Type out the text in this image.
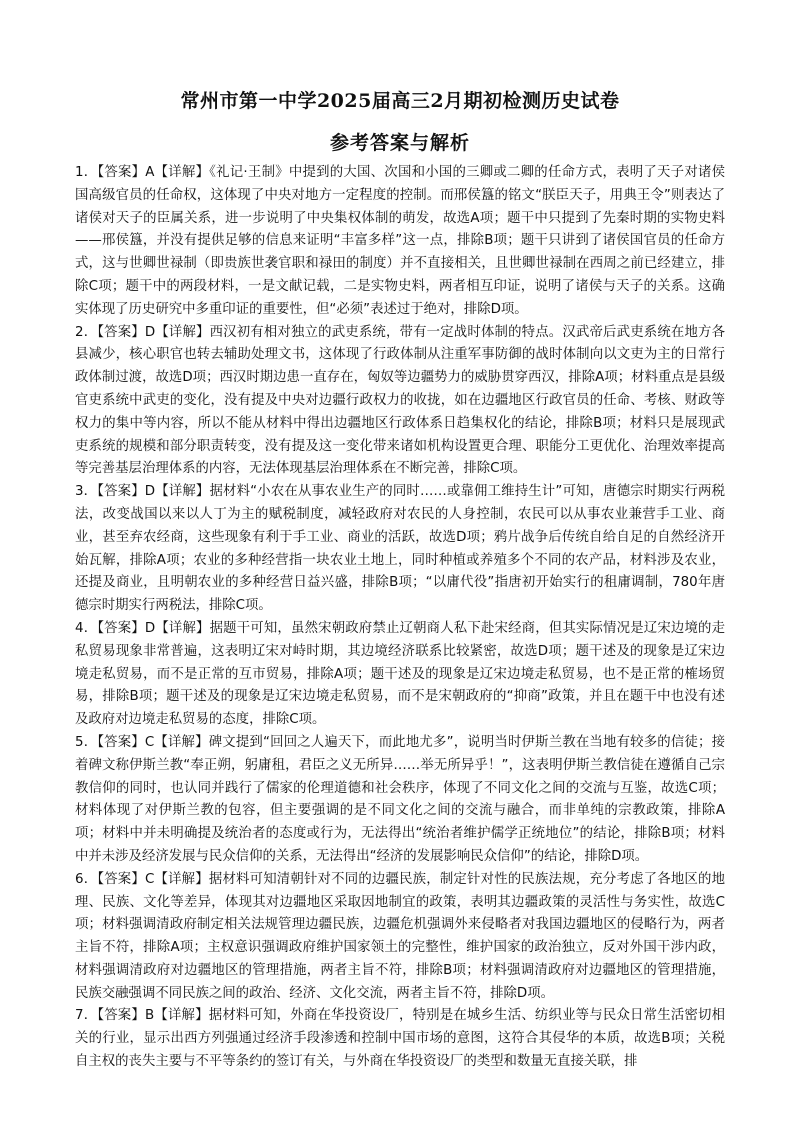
常州市第一中学2025届高三2月期初检测历史试卷
参考答案与解析

1．【答案】A【详解】《礼记·王制》中提到的大国、次国和小国的三卿或二卿的任命方式，表明了天子对诸侯国高级官员的任命权，这体现了中央对地方一定程度的控制。而邢侯簋的铭文“朕臣天子，用典王令”则表达了诸侯对天子的臣属关系，进一步说明了中央集权体制的萌发，故选A项；题干中只提到了先秦时期的实物史料——邢侯簋，并没有提供足够的信息来证明“丰富多样”这一点，排除B项；题干只讲到了诸侯国官员的任命方式，这与世卿世禄制（即贵族世袭官职和禄田的制度）并不直接相关，且世卿世禄制在西周之前已经建立，排除C项；题干中的两段材料，一是文献记载，二是实物史料，两者相互印证，说明了诸侯与天子的关系。这确实体现了历史研究中多重印证的重要性，但“必须”表述过于绝对，排除D项。

2．【答案】D【详解】西汉初有相对独立的武吏系统，带有一定战时体制的特点。汉武帝后武吏系统在地方各县减少，核心职官也转去辅助处理文书，这体现了行政体制从注重军事防御的战时体制向以文吏为主的日常行政体制过渡，故选D项；西汉时期边患一直存在，匈奴等边疆势力的威胁贯穿西汉，排除A项；材料重点是县级官吏系统中武吏的变化，没有提及中央对边疆行政权力的收拢，如在边疆地区行政官员的任命、考核、财政等权力的集中等内容，所以不能从材料中得出边疆地区行政体系日趋集权化的结论，排除B项；材料只是展现武吏系统的规模和部分职责转变，没有提及这一变化带来诸如机构设置更合理、职能分工更优化、治理效率提高等完善基层治理体系的内容，无法体现基层治理体系在不断完善，排除C项。

3．【答案】D【详解】据材料“小农在从事农业生产的同时……或靠佣工维持生计”可知，唐德宗时期实行两税法，改变战国以来以人丁为主的赋税制度，减轻政府对农民的人身控制，农民可以从事农业兼营手工业、商业，甚至弃农经商，这些现象有利于手工业、商业的活跃，故选D项；鸦片战争后传统自给自足的自然经济开始瓦解，排除A项；农业的多种经营指一块农业土地上，同时种植或养殖多个不同的农产品，材料涉及农业，还提及商业，且明朝农业的多种经营日益兴盛，排除B项；“以庸代役”指唐初开始实行的租庸调制，780年唐德宗时期实行两税法，排除C项。

4．【答案】D【详解】据题干可知，虽然宋朝政府禁止辽朝商人私下赴宋经商，但其实际情况是辽宋边境的走私贸易现象非常普遍，这表明辽宋对峙时期，其边境经济联系比较紧密，故选D项；题干述及的现象是辽宋边境走私贸易，而不是正常的互市贸易，排除A项；题干述及的现象是辽宋边境走私贸易，也不是正常的榷场贸易，排除B项；题干述及的现象是辽宋边境走私贸易，而不是宋朝政府的“抑商”政策，并且在题干中也没有述及政府对边境走私贸易的态度，排除C项。

5．【答案】C【详解】碑文提到“回回之人遍天下，而此地尤多”，说明当时伊斯兰教在当地有较多的信徒；接着碑文称伊斯兰教“奉正朔，躬庸租，君臣之义无所异……举无所异乎！”，这表明伊斯兰教信徒在遵循自己宗教信仰的同时，也认同并践行了儒家的伦理道德和社会秩序，体现了不同文化之间的交流与互鉴，故选C项；材料体现了对伊斯兰教的包容，但主要强调的是不同文化之间的交流与融合，而非单纯的宗教政策，排除A项；材料中并未明确提及统治者的态度或行为，无法得出“统治者维护儒学正统地位”的结论，排除B项；材料中并未涉及经济发展与民众信仰的关系，无法得出“经济的发展影响民众信仰”的结论，排除D项。

6．【答案】C【详解】据材料可知清朝针对不同的边疆民族，制定针对性的民族法规，充分考虑了各地区的地理、民族、文化等差异，体现其对边疆地区采取因地制宜的政策，表明其边疆政策的灵活性与务实性，故选C项；材料强调清政府制定相关法规管理边疆民族，边疆危机强调外来侵略者对我国边疆地区的侵略行为，两者主旨不符，排除A项；主权意识强调政府维护国家领土的完整性，维护国家的政治独立，反对外国干涉内政，材料强调清政府对边疆地区的管理措施，两者主旨不符，排除B项；材料强调清政府对边疆地区的管理措施，民族交融强调不同民族之间的政治、经济、文化交流，两者主旨不符，排除D项。

7．【答案】B【详解】据材料可知，外商在华投资设厂，特别是在城乡生活、纺织业等与民众日常生活密切相关的行业，显示出西方列强通过经济手段渗透和控制中国市场的意图，这符合其侵华的本质，故选B项；关税自主权的丧失主要与不平等条约的签订有关，与外商在华投资设厂的类型和数量无直接关联，排
